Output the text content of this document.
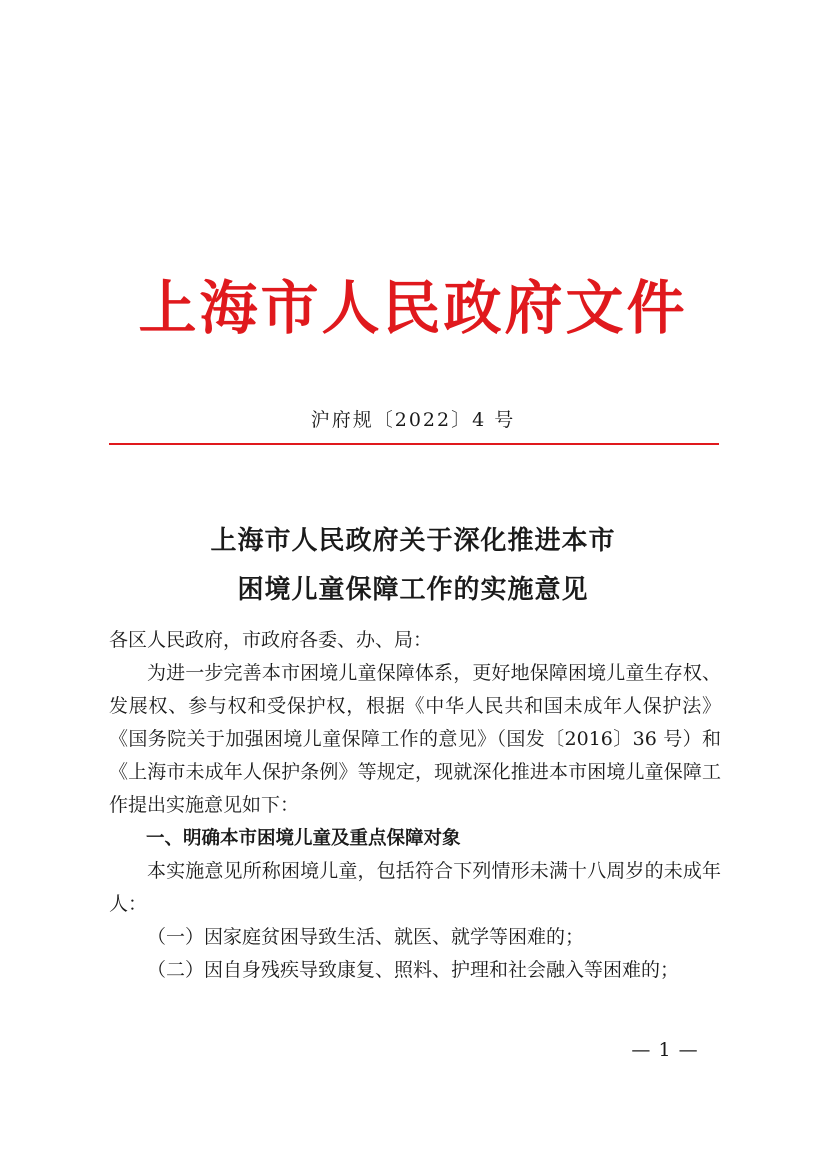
上海市人民政府文件
沪府规〔2022〕4 号
上海市人民政府关于深化推进本市
困境儿童保障工作的实施意见

各区人民政府，市政府各委、办、局：

为进一步完善本市困境儿童保障体系，更好地保障困境儿童生存权、发展权、参与权和受保护权，根据《中华人民共和国未成年人保护法》《国务院关于加强困境儿童保障工作的意见》（国发〔2016〕36 号）和《上海市未成年人保护条例》等规定，现就深化推进本市困境儿童保障工作提出实施意见如下：

一、明确本市困境儿童及重点保障对象

本实施意见所称困境儿童，包括符合下列情形未满十八周岁的未成年人：

（一）因家庭贫困导致生活、就医、就学等困难的；

（二）因自身残疾导致康复、照料、护理和社会融入等困难的；

— 1 —
